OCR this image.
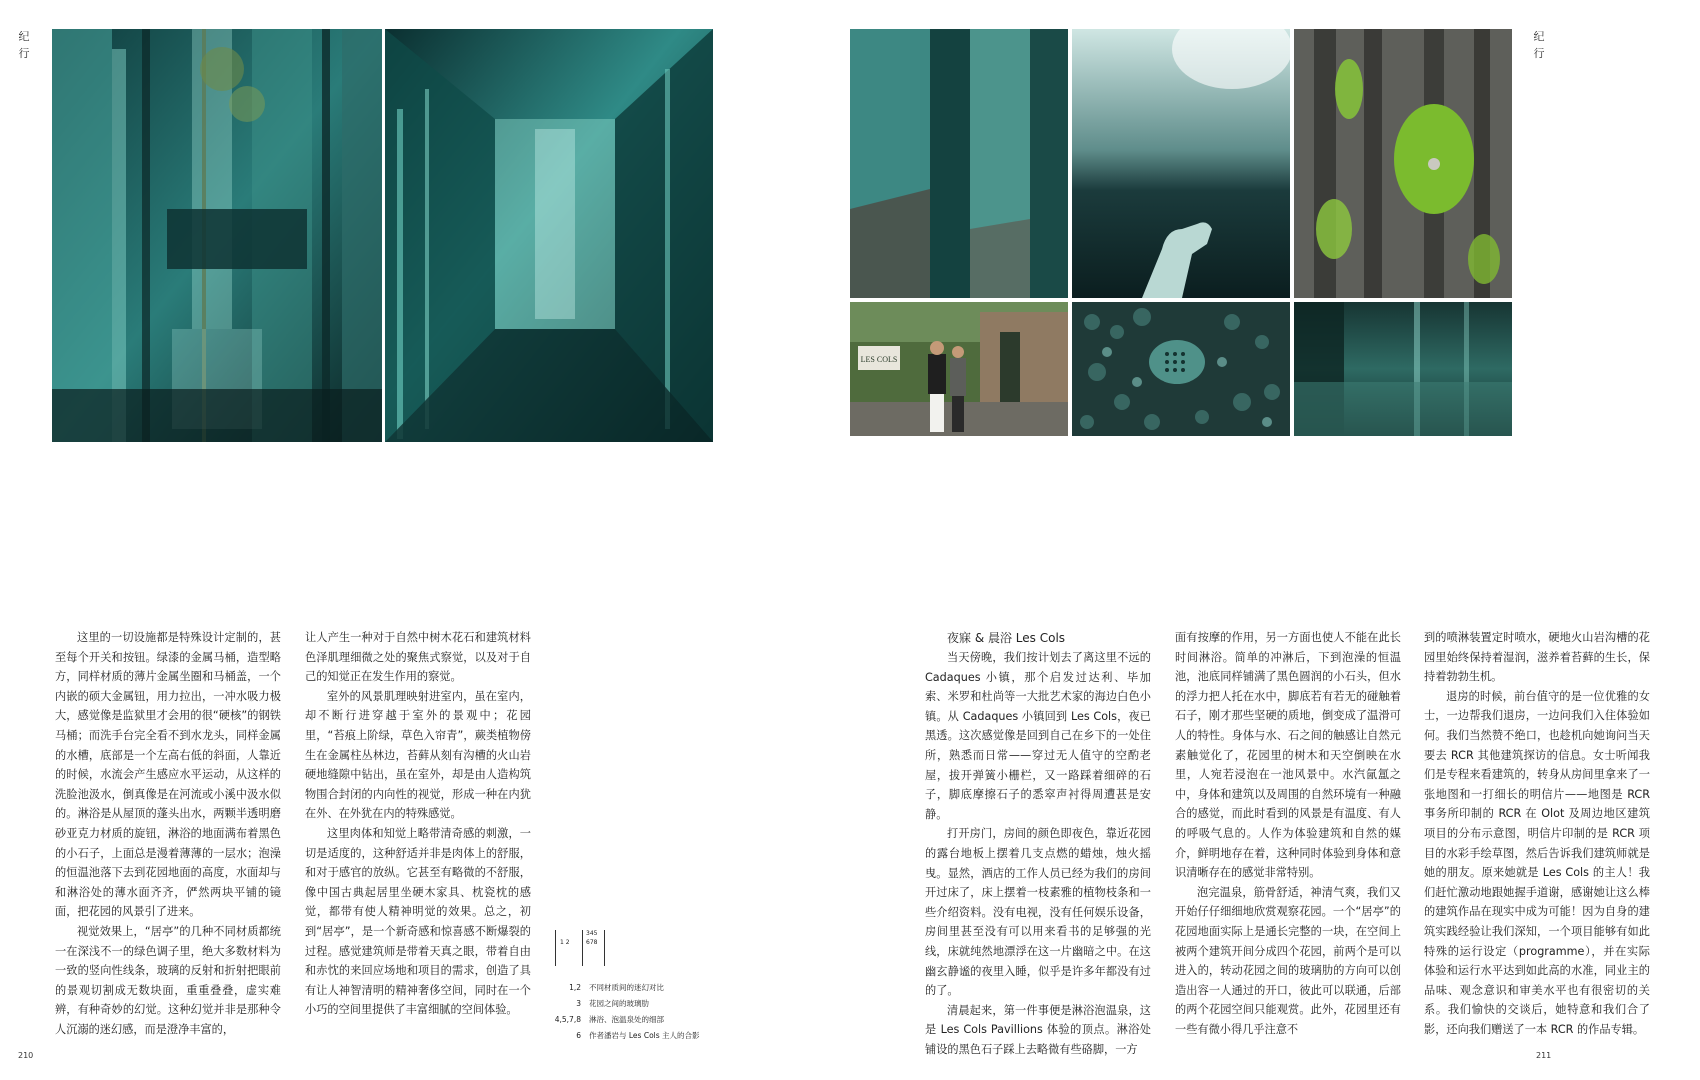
纪行
纪行
210	211
LES COLS
1 2
345
678
1,2 不同材质间的迷幻对比
3 花园之间的玻璃肋
4,5,7,8 淋浴、泡温泉处的细部
6 作者潘岩与 Les Cols 主人的合影

这里的一切设施都是特殊设计定制的，甚至每个开关和按钮。绿漆的金属马桶，造型略方，同样材质的薄片金属坐圈和马桶盖，一个内嵌的硕大金属钮，用力拉出，一冲水吸力极大，感觉像是监狱里才会用的很“硬核”的钢铁马桶；而洗手台完全看不到水龙头，同样金属的水槽，底部是一个左高右低的斜面，人靠近的时候，水流会产生感应水平运动，从这样的洗脸池汲水，倒真像是在河流或小溪中汲水似的。淋浴是从屋顶的蓬头出水，两颗半透明磨砂亚克力材质的旋钮，淋浴的地面满布着黑色的小石子，上面总是漫着薄薄的一层水；泡澡的恒温池落下去到花园地面的高度，水面却与和淋浴处的薄水面齐齐，俨然两块平铺的镜面，把花园的风景引了进来。

视觉效果上，“居亭”的几种不同材质都统一在深浅不一的绿色调子里，绝大多数材料为一致的竖向性线条，玻璃的反射和折射把眼前的景观切割成无数块面，重重叠叠，虚实难辨，有种奇妙的幻觉。这种幻觉并非是那种令人沉溺的迷幻感，而是澄净丰富的，

让人产生一种对于自然中树木花石和建筑材料色泽肌理细微之处的聚焦式察觉，以及对于自己的知觉正在发生作用的察觉。

室外的风景肌理映射进室内，虽在室内，却不断行进穿越于室外的景观中；花园里，“苔痕上阶绿，草色入帘青”，蕨类植物傍生在金属柱丛林边，苔藓从刻有沟槽的火山岩硬地缝隙中钻出，虽在室外，却是由人造构筑物围合封闭的内向性的视觉，形成一种在内犹在外、在外犹在内的特殊感觉。

这里肉体和知觉上略带清奇感的刺激，一切是适度的，这种舒适并非是肉体上的舒服，和对于感官的放纵。它甚至有略微的不舒服，像中国古典起居里坐硬木家具、枕瓷枕的感觉，都带有使人精神明觉的效果。总之，初到“居亭”，是一个新奇感和惊喜感不断爆裂的过程。感觉建筑师是带着天真之眼，带着自由和赤忱的来回应场地和项目的需求，创造了具有让人神智清明的精神奢侈空间，同时在一个小巧的空间里提供了丰富细腻的空间体验。

夜寐 & 晨浴 Les Cols

当天傍晚，我们按计划去了离这里不远的 Cadaques 小镇，那个启发过达利、毕加索、米罗和杜尚等一大批艺术家的海边白色小镇。从 Cadaques 小镇回到 Les Cols，夜已黑透。这次感觉像是回到自己在乡下的一处住所，熟悉而日常——穿过无人值守的空酌老屋，拔开弹簧小栅栏，又一路踩着细碎的石子，脚底摩擦石子的悉窣声衬得周遭甚是安静。

打开房门，房间的颜色即夜色，靠近花园的露台地板上摆着几支点燃的蜡烛，烛火摇曳。显然，酒店的工作人员已经为我们的房间开过床了，床上摆着一枝素雅的植物枝条和一些介绍资料。没有电视，没有任何娱乐设备，房间里甚至没有可以用来看书的足够强的光线，床就纯然地漂浮在这一片幽暗之中。在这幽玄静谧的夜里入睡，似乎是许多年都没有过的了。

清晨起来，第一件事便是淋浴泡温泉，这是 Les Cols Pavillions 体验的顶点。淋浴处铺设的黑色石子踩上去略微有些硌脚，一方

面有按摩的作用，另一方面也使人不能在此长时间淋浴。简单的冲淋后，下到泡澡的恒温池，池底同样铺满了黑色圆润的小石头，但水的浮力把人托在水中，脚底若有若无的碰触着石子，刚才那些坚硬的质地，倒变成了温滑可人的特性。身体与水、石之间的触感让自然元素触觉化了，花园里的树木和天空倒映在水里，人宛若浸泡在一池风景中。水汽氤氲之中，身体和建筑以及周围的自然环境有一种融合的感觉，而此时看到的风景是有温度、有人的呼吸气息的。人作为体验建筑和自然的媒介，鲜明地存在着，这种同时体验到身体和意识清晰存在的感觉非常特别。

泡完温泉，筋骨舒适，神清气爽，我们又开始仔仔细细地欣赏观察花园。一个“居亭”的花园地面实际上是通长完整的一块，在空间上被两个建筑开间分成四个花园，前两个是可以进入的，转动花园之间的玻璃肋的方向可以创造出容一人通过的开口，彼此可以联通，后部的两个花园空间只能观赏。此外，花园里还有一些有微小得几乎注意不

到的喷淋装置定时喷水，硬地火山岩沟槽的花园里始终保持着湿润，滋养着苔藓的生长，保持着勃勃生机。

退房的时候，前台值守的是一位优雅的女士，一边帮我们退房，一边问我们入住体验如何。我们当然赞不绝口，也趁机向她询问当天要去 RCR 其他建筑探访的信息。女士听闻我们是专程来看建筑的，转身从房间里拿来了一张地图和一打细长的明信片——地图是 RCR 事务所印制的 RCR 在 Olot 及周边地区建筑项目的分布示意图，明信片印制的是 RCR 项目的水彩手绘草图，然后告诉我们建筑师就是她的朋友。原来她就是 Les Cols 的主人！我们赶忙激动地跟她握手道谢，感谢她让这么棒的建筑作品在现实中成为可能！因为自身的建筑实践经验让我们深知，一个项目能够有如此特殊的运行设定（programme），并在实际体验和运行水平达到如此高的水准，同业主的品味、观念意识和审美水平也有很密切的关系。我们愉快的交谈后，她特意和我们合了影，还向我们赠送了一本 RCR 的作品专辑。
